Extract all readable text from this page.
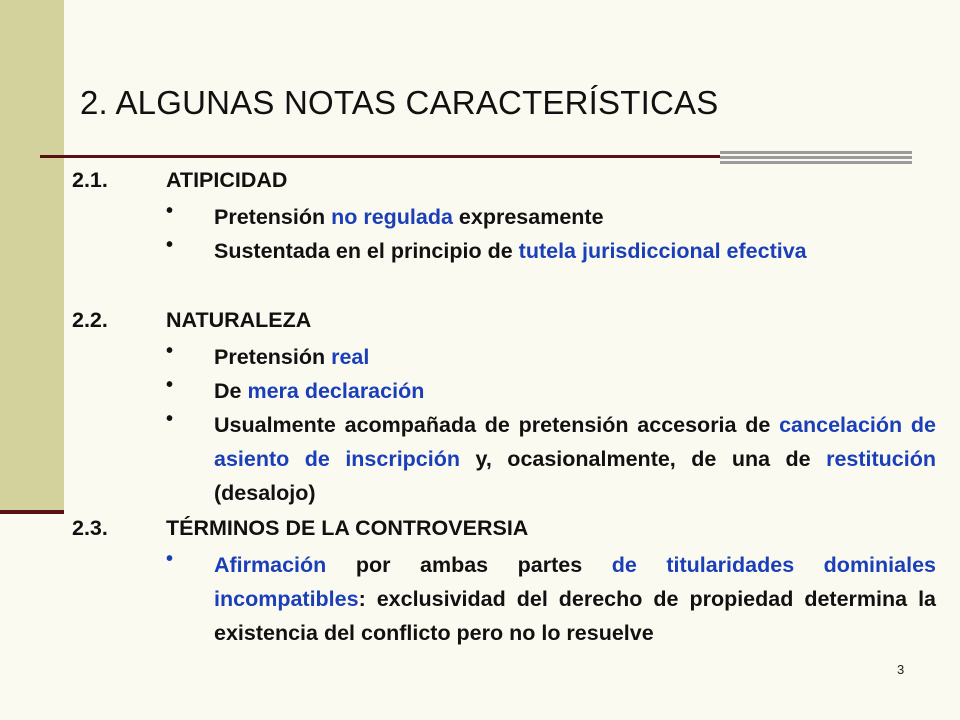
2. ALGUNAS NOTAS CARACTERÍSTICAS
2.1.	ATIPICIDAD
• Pretensión no regulada expresamente
• Sustentada en el principio de tutela jurisdiccional efectiva
2.2.	NATURALEZA
• Pretensión real
• De mera declaración
• Usualmente acompañada de pretensión accesoria de cancelación de asiento de inscripción y, ocasionalmente, de una de restitución (desalojo)
2.3.	TÉRMINOS DE LA CONTROVERSIA
• Afirmación por ambas partes de titularidades dominiales incompatibles: exclusividad del derecho de propiedad determina la existencia del conflicto pero no lo resuelve
3
